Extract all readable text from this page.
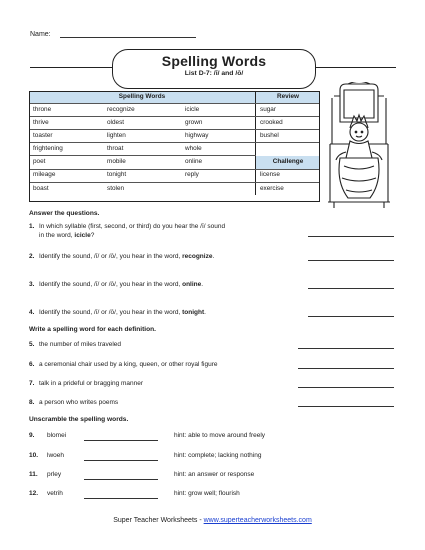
Name:
Spelling Words
List D-7: /ī/ and /ō/
Spelling Words			Review
throne	recognize	icicle	sugar
thrive	oldest	grown	crooked
toaster	lighten	highway	bushel
frightening	throat	whole	
poet	mobile	online	Challenge
mileage	tonight	reply	license
boast	stolen		exercise
Answer the questions.
1. In which syllable (first, second, or third) do you hear the /ī/ sound
in the word, icicle?
2. Identify the sound, /ī/ or /ō/, you hear in the word, recognize.
3. Identify the sound, /ī/ or /ō/, you hear in the word, online.
4. Identify the sound, /ī/ or /ō/, you hear in the word, tonight.
Write a spelling word for each definition.
5. the number of miles traveled
6. a ceremonial chair used by a king, queen, or other royal figure
7. talk in a prideful or bragging manner
8. a person who writes poems
Unscramble the spelling words.
9. blomei	hint: able to move around freely
10. lwoeh	hint: complete; lacking nothing
11. prley	hint: an answer or response
12. vetrih	hint: grow well; flourish
Super Teacher Worksheets - www.superteacherworksheets.com
